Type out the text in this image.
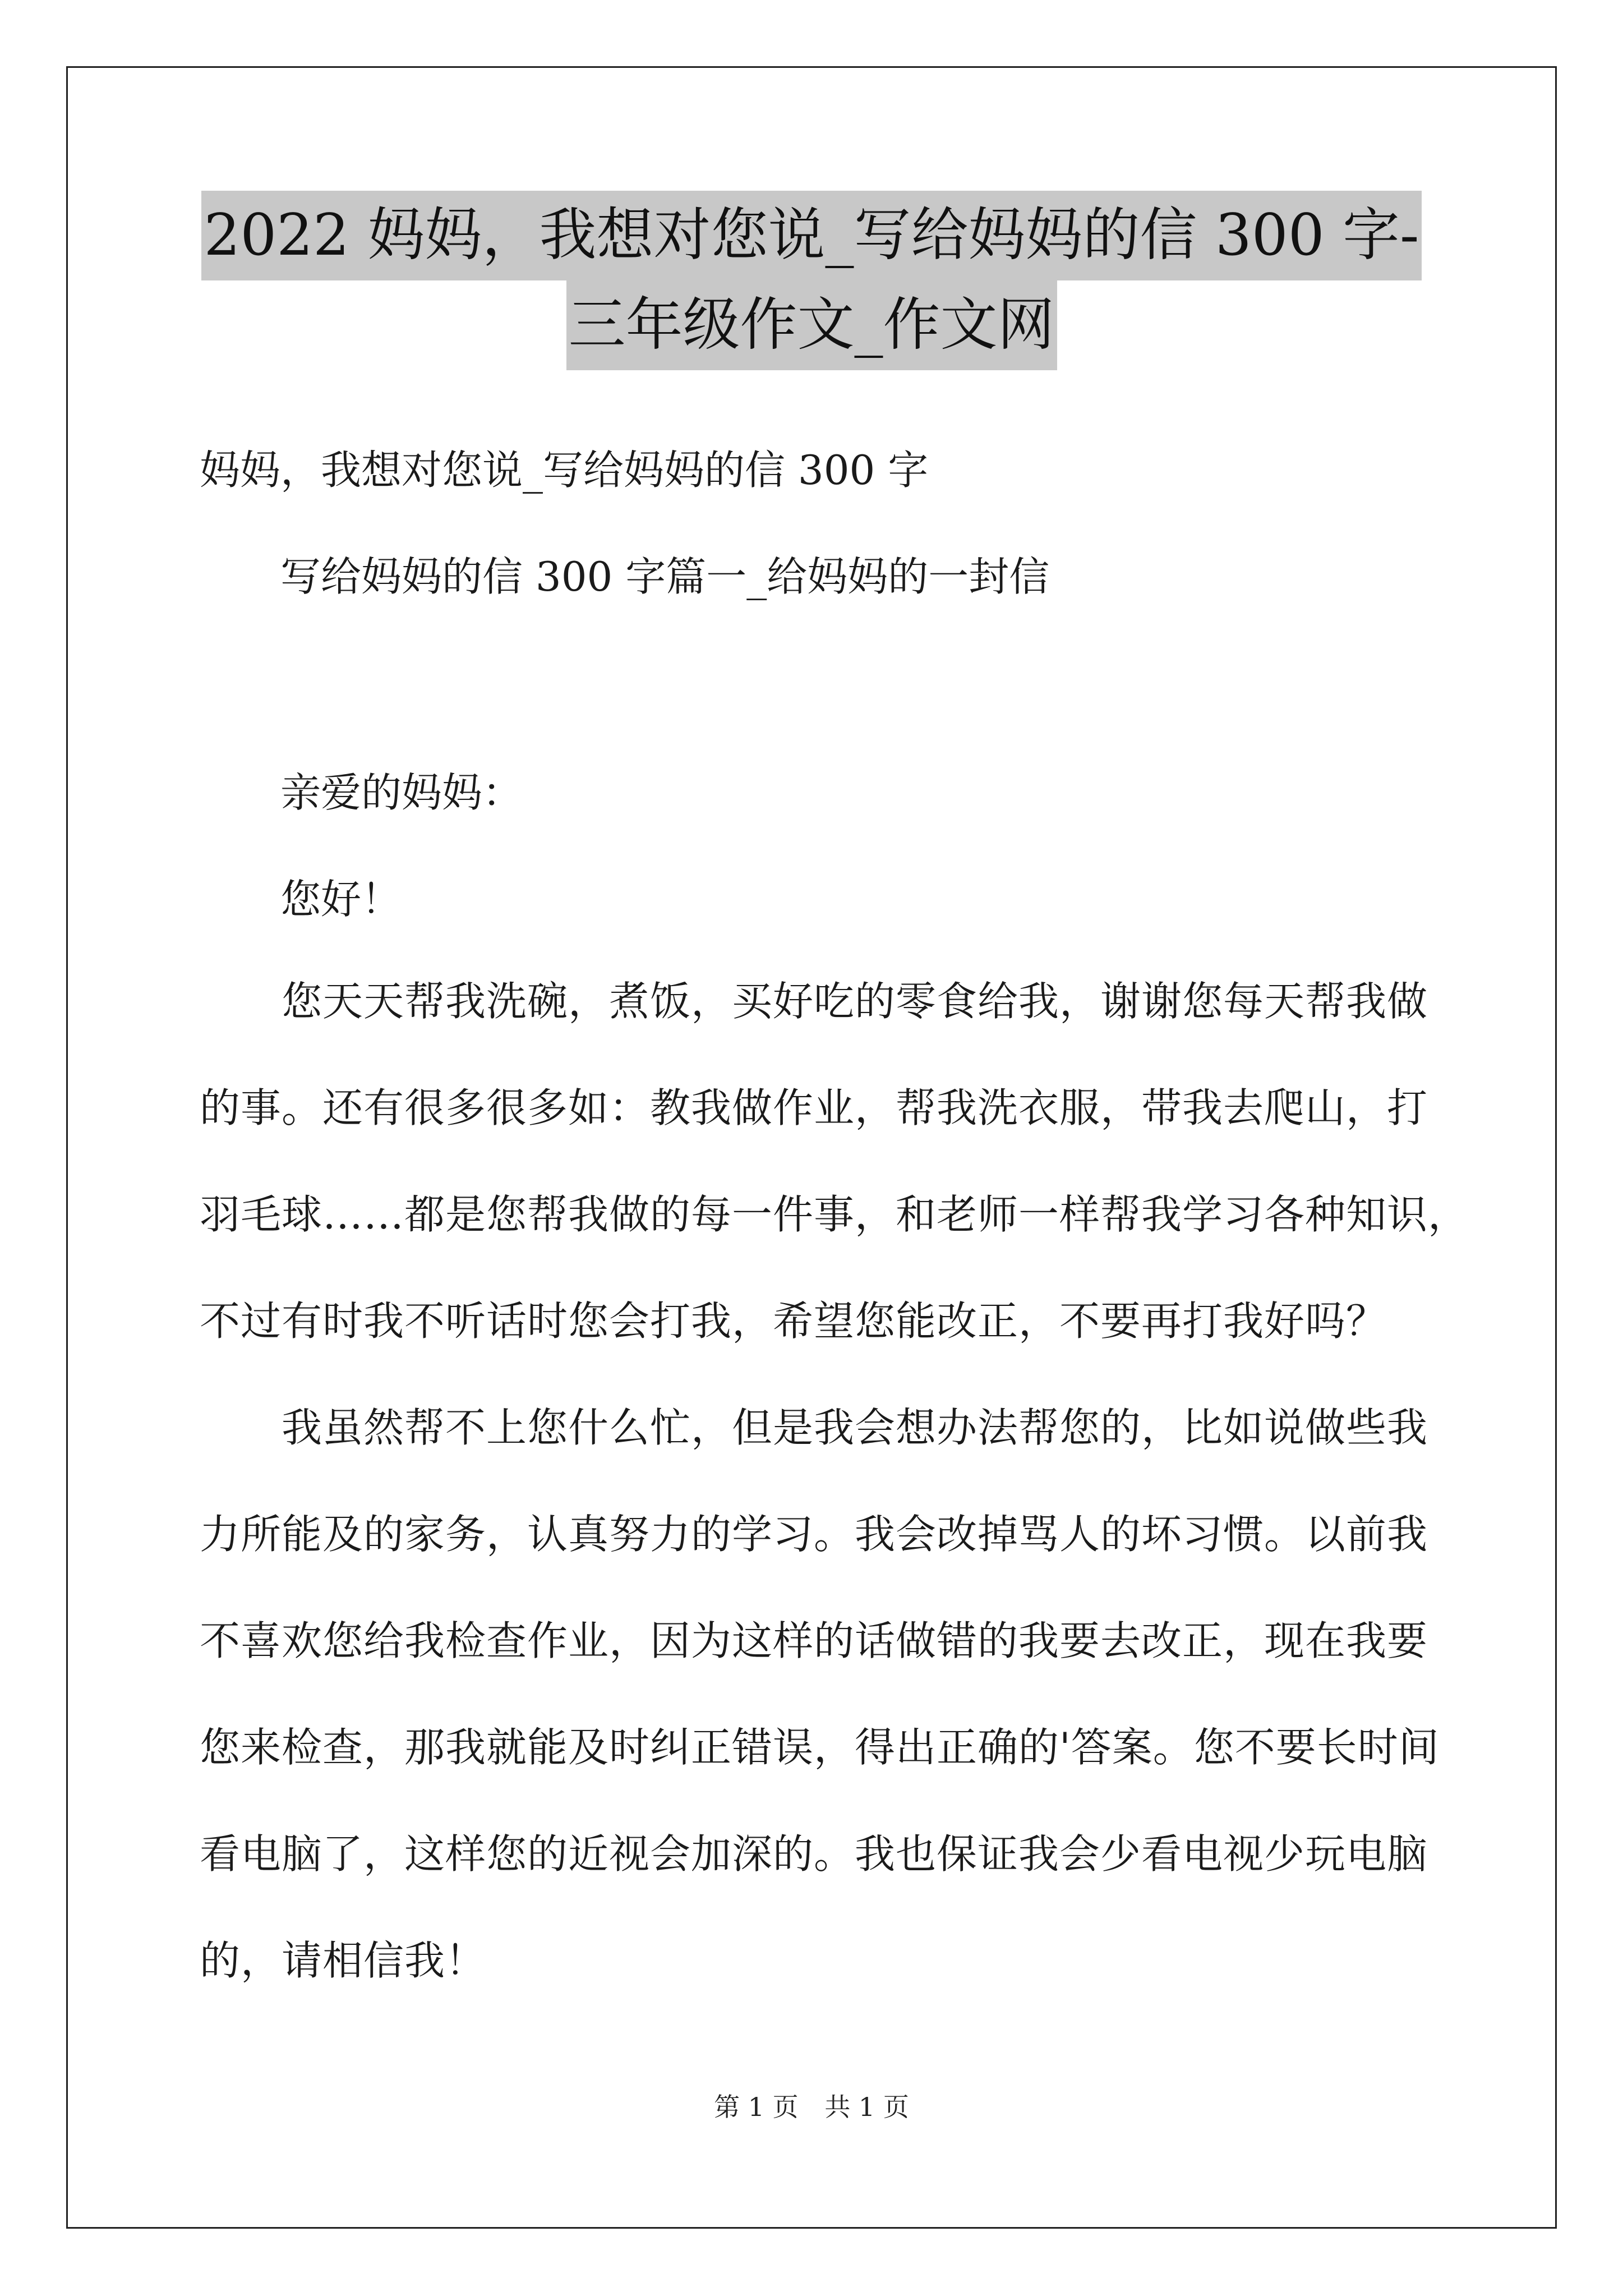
2022 妈妈，我想对您说_写给妈妈的信 300 字-
三年级作文_作文网
妈妈，我想对您说_写给妈妈的信 300 字
写给妈妈的信 300 字篇一_给妈妈的一封信
亲爱的妈妈：
您好！
　　您天天帮我洗碗，煮饭，买好吃的零食给我，谢谢您每天帮我做
的事。还有很多很多如：教我做作业，帮我洗衣服，带我去爬山，打
羽毛球……都是您帮我做的每一件事，和老师一样帮我学习各种知识，
不过有时我不听话时您会打我，希望您能改正，不要再打我好吗？
　　我虽然帮不上您什么忙，但是我会想办法帮您的，比如说做些我
力所能及的家务，认真努力的学习。我会改掉骂人的坏习惯。以前我
不喜欢您给我检查作业，因为这样的话做错的我要去改正，现在我要
您来检查，那我就能及时纠正错误，得出正确的'答案。您不要长时间
看电脑了，这样您的近视会加深的。我也保证我会少看电视少玩电脑
的，请相信我！
第 1 页 共 1 页
